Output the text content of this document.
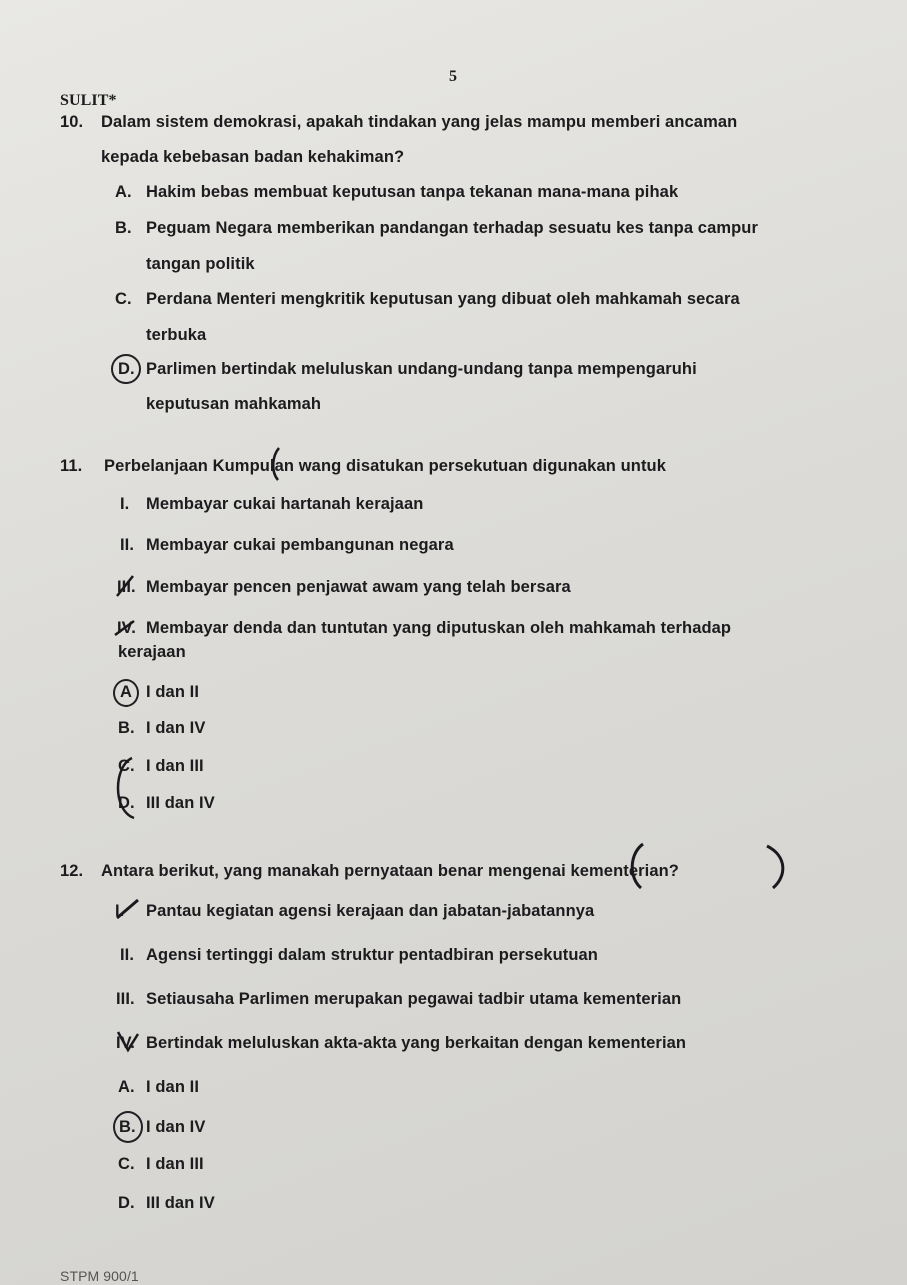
5
SULIT*
10. Dalam sistem demokrasi, apakah tindakan yang jelas mampu memberi ancaman
kepada kebebasan badan kehakiman?
A. Hakim bebas membuat keputusan tanpa tekanan mana-mana pihak
B. Peguam Negara memberikan pandangan terhadap sesuatu kes tanpa campur
tangan politik
C. Perdana Menteri mengkritik keputusan yang dibuat oleh mahkamah secara
terbuka
D. Parlimen bertindak meluluskan undang-undang tanpa mempengaruhi
keputusan mahkamah
11. Perbelanjaan Kumpulan wang disatukan persekutuan digunakan untuk
I. Membayar cukai hartanah kerajaan
II. Membayar cukai pembangunan negara
III. Membayar pencen penjawat awam yang telah bersara
IV. Membayar denda dan tuntutan yang diputuskan oleh mahkamah terhadap
kerajaan
A I dan II
B. I dan IV
C. I dan III
D. III dan IV
12. Antara berikut, yang manakah pernyataan benar mengenai kementerian?
I. Pantau kegiatan agensi kerajaan dan jabatan-jabatannya
II. Agensi tertinggi dalam struktur pentadbiran persekutuan
III. Setiausaha Parlimen merupakan pegawai tadbir utama kementerian
IV. Bertindak meluluskan akta-akta yang berkaitan dengan kementerian
A. I dan II
B. I dan IV
C. I dan III
D. III dan IV
STPM 900/1
